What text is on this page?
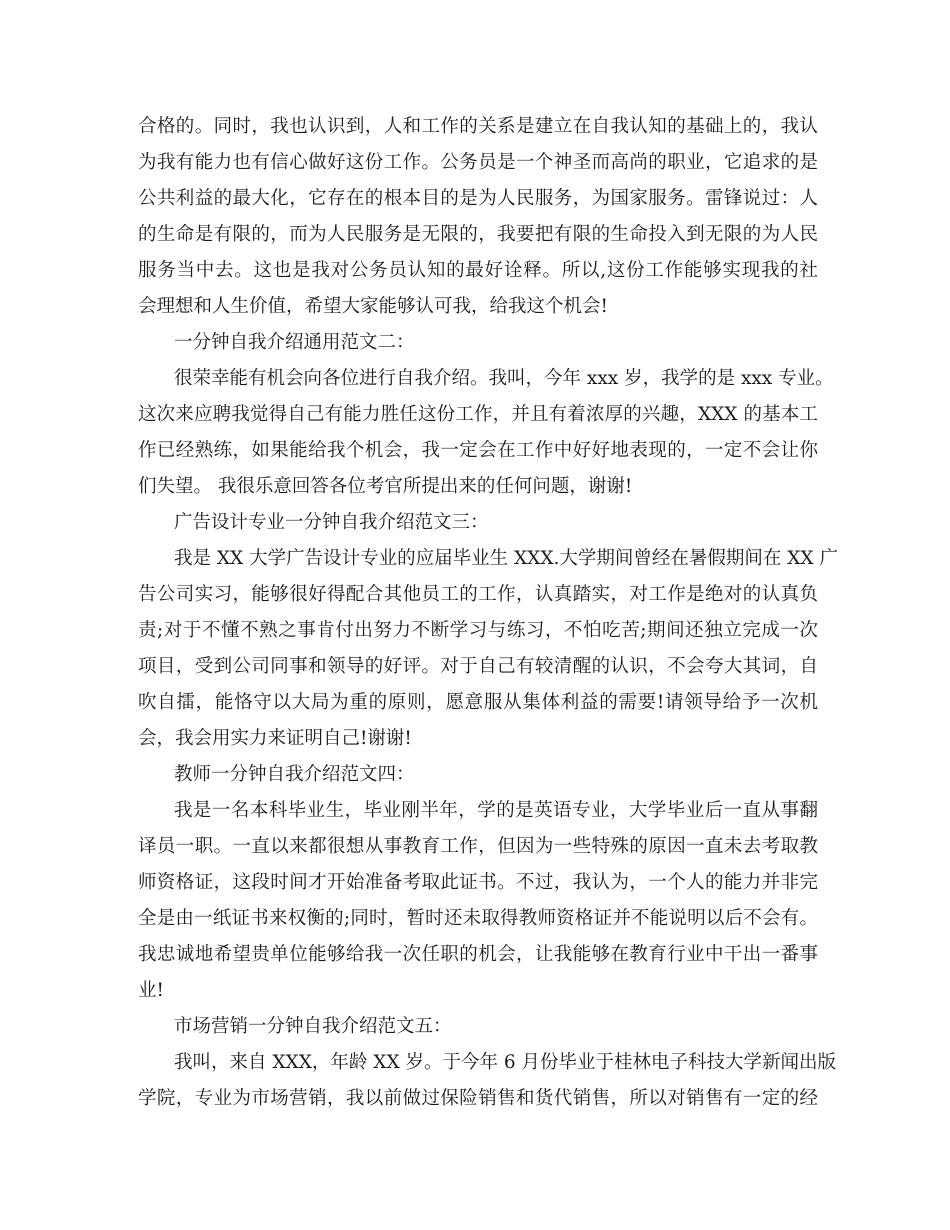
合格的。同时，我也认识到，人和工作的关系是建立在自我认知的基础上的，我认
为我有能力也有信心做好这份工作。公务员是一个神圣而高尚的职业，它追求的是
公共利益的最大化，它存在的根本目的是为人民服务，为国家服务。雷锋说过：人
的生命是有限的，而为人民服务是无限的，我要把有限的生命投入到无限的为人民
服务当中去。这也是我对公务员认知的最好诠释。所以,这份工作能够实现我的社
会理想和人生价值，希望大家能够认可我，给我这个机会!
一分钟自我介绍通用范文二：
很荣幸能有机会向各位进行自我介绍。我叫，今年 xxx 岁，我学的是 xxx 专业。
这次来应聘我觉得自己有能力胜任这份工作，并且有着浓厚的兴趣，XXX 的基本工
作已经熟练，如果能给我个机会，我一定会在工作中好好地表现的，一定不会让你
们失望。 我很乐意回答各位考官所提出来的任何问题，谢谢!
广告设计专业一分钟自我介绍范文三：
我是 XX 大学广告设计专业的应届毕业生 XXX.大学期间曾经在暑假期间在 XX 广
告公司实习，能够很好得配合其他员工的工作，认真踏实，对工作是绝对的认真负
责;对于不懂不熟之事肯付出努力不断学习与练习，不怕吃苦;期间还独立完成一次
项目，受到公司同事和领导的好评。对于自己有较清醒的认识，不会夸大其词，自
吹自擂，能恪守以大局为重的原则，愿意服从集体利益的需要!请领导给予一次机
会，我会用实力来证明自己!谢谢!
教师一分钟自我介绍范文四：
我是一名本科毕业生，毕业刚半年，学的是英语专业，大学毕业后一直从事翻
译员一职。一直以来都很想从事教育工作，但因为一些特殊的原因一直未去考取教
师资格证，这段时间才开始准备考取此证书。不过，我认为，一个人的能力并非完
全是由一纸证书来权衡的;同时，暂时还未取得教师资格证并不能说明以后不会有。
我忠诚地希望贵单位能够给我一次任职的机会，让我能够在教育行业中干出一番事
业!
市场营销一分钟自我介绍范文五：
我叫，来自 XXX，年龄 XX 岁。于今年 6 月份毕业于桂林电子科技大学新闻出版
学院，专业为市场营销，我以前做过保险销售和货代销售，所以对销售有一定的经
